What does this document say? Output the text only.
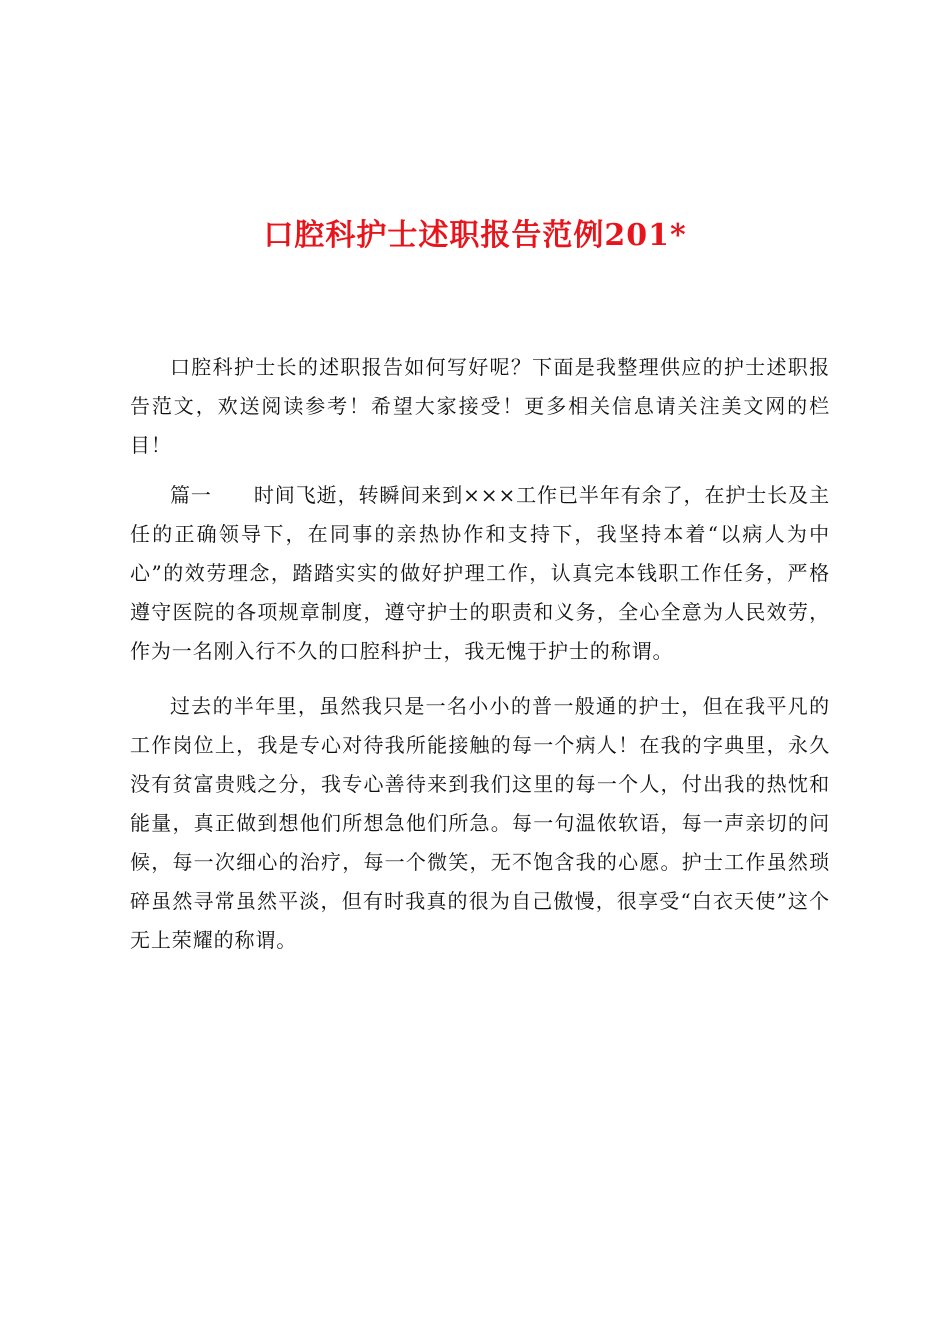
口腔科护士述职报告范例201*

口腔科护士长的述职报告如何写好呢？下面是我整理供应的护士述职报告范文，欢送阅读参考！希望大家接受！更多相关信息请关注美文网的栏目！

篇一 时间飞逝，转瞬间来到×××工作已半年有余了，在护士长及主任的正确领导下，在同事的亲热协作和支持下，我坚持本着“以病人为中心”的效劳理念，踏踏实实的做好护理工作，认真完本钱职工作任务，严格遵守医院的各项规章制度，遵守护士的职责和义务，全心全意为人民效劳，作为一名刚入行不久的口腔科护士，我无愧于护士的称谓。

过去的半年里，虽然我只是一名小小的普一般通的护士，但在我平凡的工作岗位上，我是专心对待我所能接触的每一个病人！在我的字典里，永久没有贫富贵贱之分，我专心善待来到我们这里的每一个人，付出我的热忱和能量，真正做到想他们所想急他们所急。每一句温侬软语，每一声亲切的问候，每一次细心的治疗，每一个微笑，无不饱含我的心愿。护士工作虽然琐碎虽然寻常虽然平淡，但有时我真的很为自己傲慢，很享受“白衣天使”这个无上荣耀的称谓。
